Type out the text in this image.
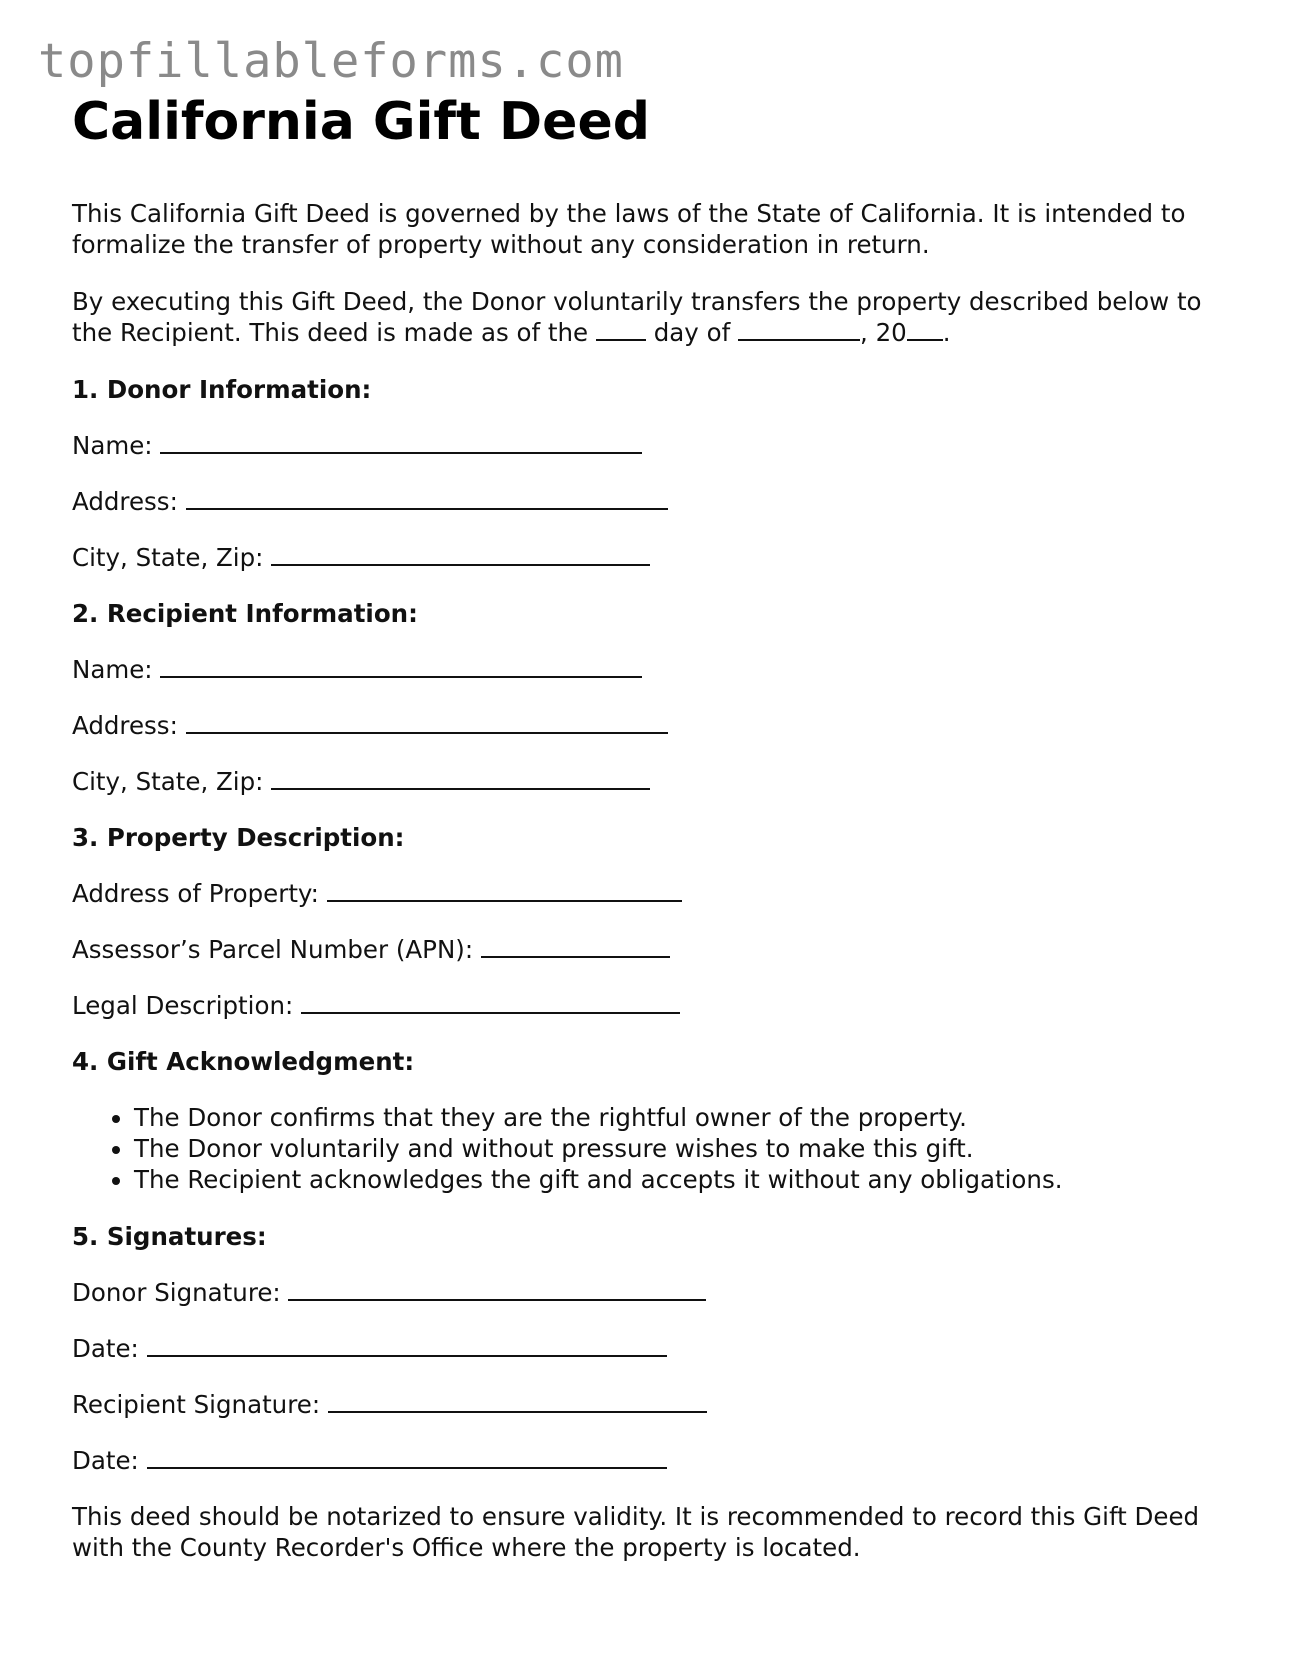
topfillableforms.com
California Gift Deed

This California Gift Deed is governed by the laws of the State of California. It is intended to formalize the transfer of property without any consideration in return.

By executing this Gift Deed, the Donor voluntarily transfers the property described below to the Recipient. This deed is made as of the	day of	, 20 .

1. Donor Information:
Name:
Address:
City, State, Zip:
2. Recipient Information:
Name:
Address:
City, State, Zip:
3. Property Description:
Address of Property:
Assessor’s Parcel Number (APN):
Legal Description:
4. Gift Acknowledgment:
• The Donor confirms that they are the rightful owner of the property.
• The Donor voluntarily and without pressure wishes to make this gift.
• The Recipient acknowledges the gift and accepts it without any obligations.
5. Signatures:
Donor Signature:
Date:
Recipient Signature:
Date:

This deed should be notarized to ensure validity. It is recommended to record this Gift Deed with the County Recorder's Office where the property is located.
